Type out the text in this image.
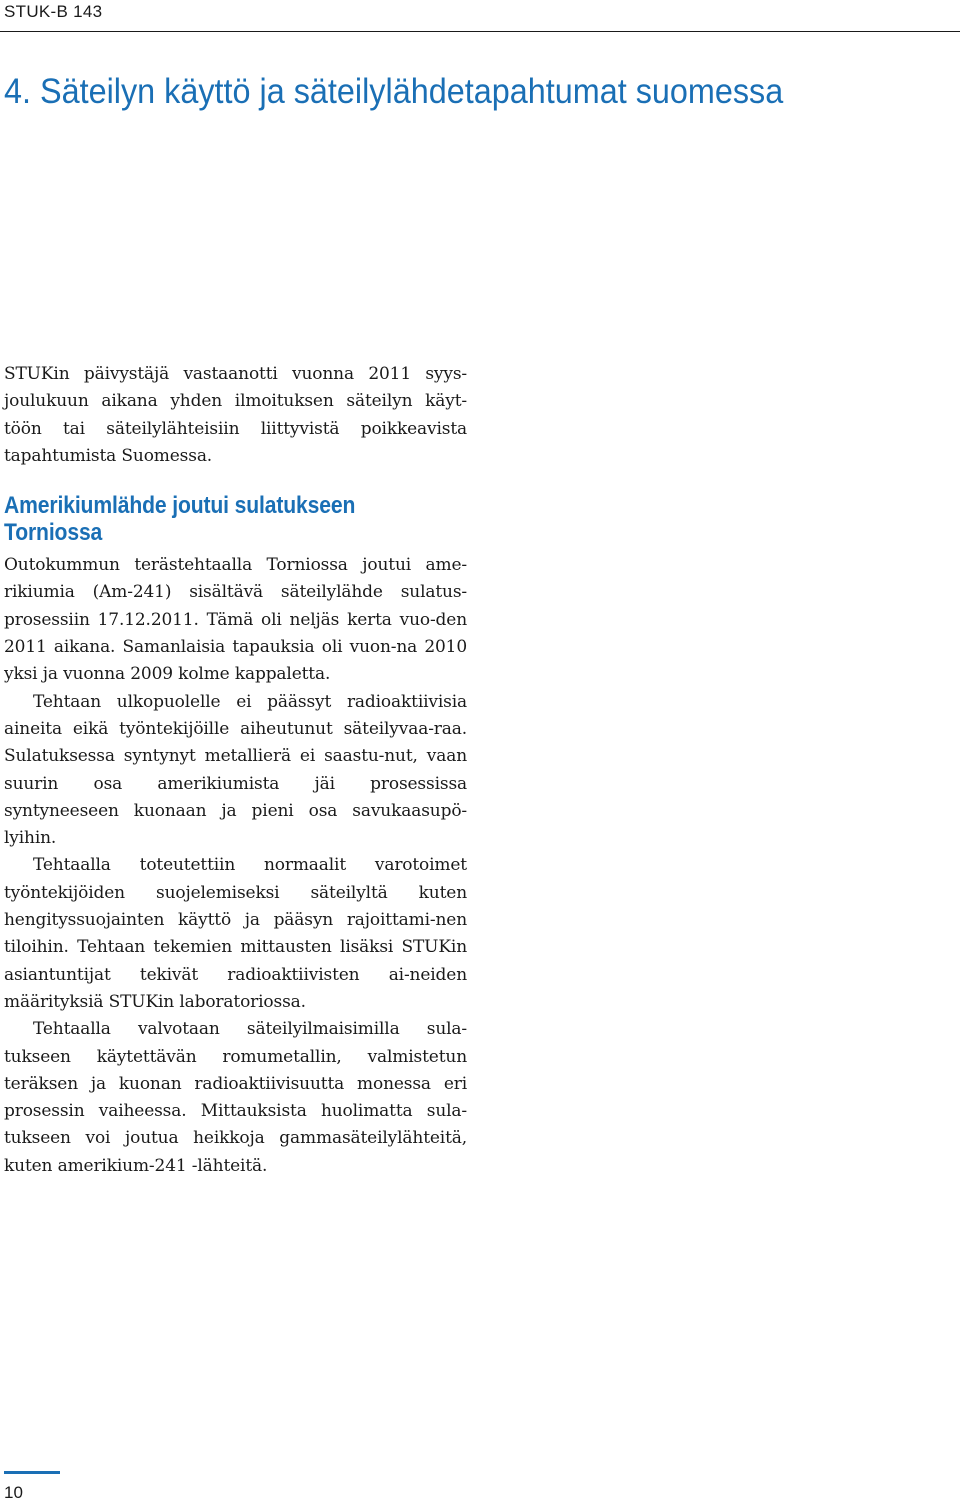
STUK-B 143
4. Säteilyn käyttö ja säteilylähdetapahtumat suomessa

STUKin päivystäjä vastaanotti vuonna 2011 syys-joulukuun aikana yhden ilmoituksen säteilyn käyt-töön tai säteilylähteisiin liittyvistä poikkeavista tapahtumista Suomessa.

Amerikiumlähde joutui sulatukseen Torniossa

Outokummun terästehtaalla Torniossa joutui ame-rikiumia (Am-241) sisältävä säteilylähde sulatus-prosessiin 17.12.2011. Tämä oli neljäs kerta vuo-den 2011 aikana. Samanlaisia tapauksia oli vuon-na 2010 yksi ja vuonna 2009 kolme kappaletta.

Tehtaan ulkopuolelle ei päässyt radioaktiivisia aineita eikä työntekijöille aiheutunut säteilyvaa-raa. Sulatuksessa syntynyt metallierä ei saastu-nut, vaan suurin osa amerikiumista jäi prosessissa syntyneeseen kuonaan ja pieni osa savukaasupö-lyihin.

Tehtaalla toteutettiin normaalit varotoimet työntekijöiden suojelemiseksi säteilyltä kuten hengityssuojainten käyttö ja pääsyn rajoittami-nen tiloihin. Tehtaan tekemien mittausten lisäksi STUKin asiantuntijat tekivät radioaktiivisten ai-neiden määrityksiä STUKin laboratoriossa.

Tehtaalla valvotaan säteilyilmaisimilla sula-tukseen käytettävän romumetallin, valmistetun teräksen ja kuonan radioaktiivisuutta monessa eri prosessin vaiheessa. Mittauksista huolimatta sula-tukseen voi joutua heikkoja gammasäteilylähteitä, kuten amerikium-241 -lähteitä.

10
